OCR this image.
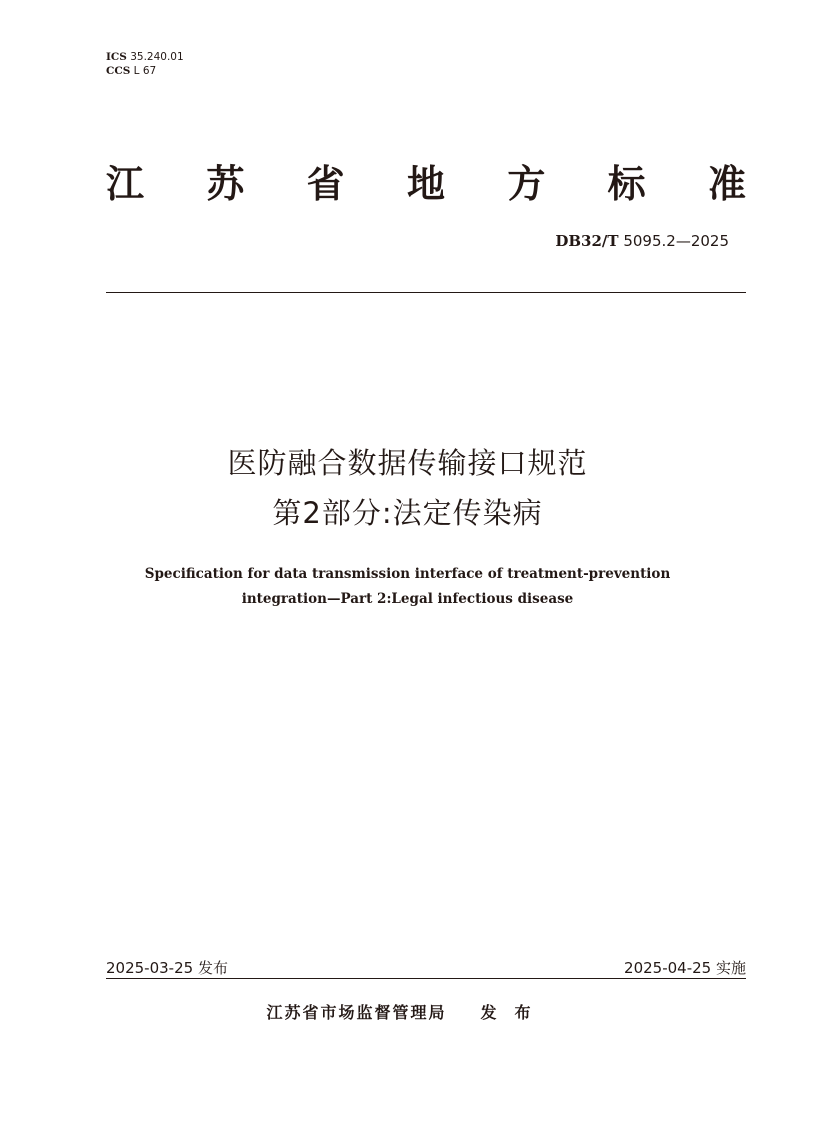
ICS 35.240.01
CCS L 67
江 苏 省 地 方 标 准
DB32/T 5095.2—2025
医防融合数据传输接口规范
第2部分:法定传染病
Specification for data transmission interface of treatment-prevention
integration—Part 2:Legal infectious disease
2025-03-25 发布	2025-04-25 实施
江苏省市场监督管理局 发布
